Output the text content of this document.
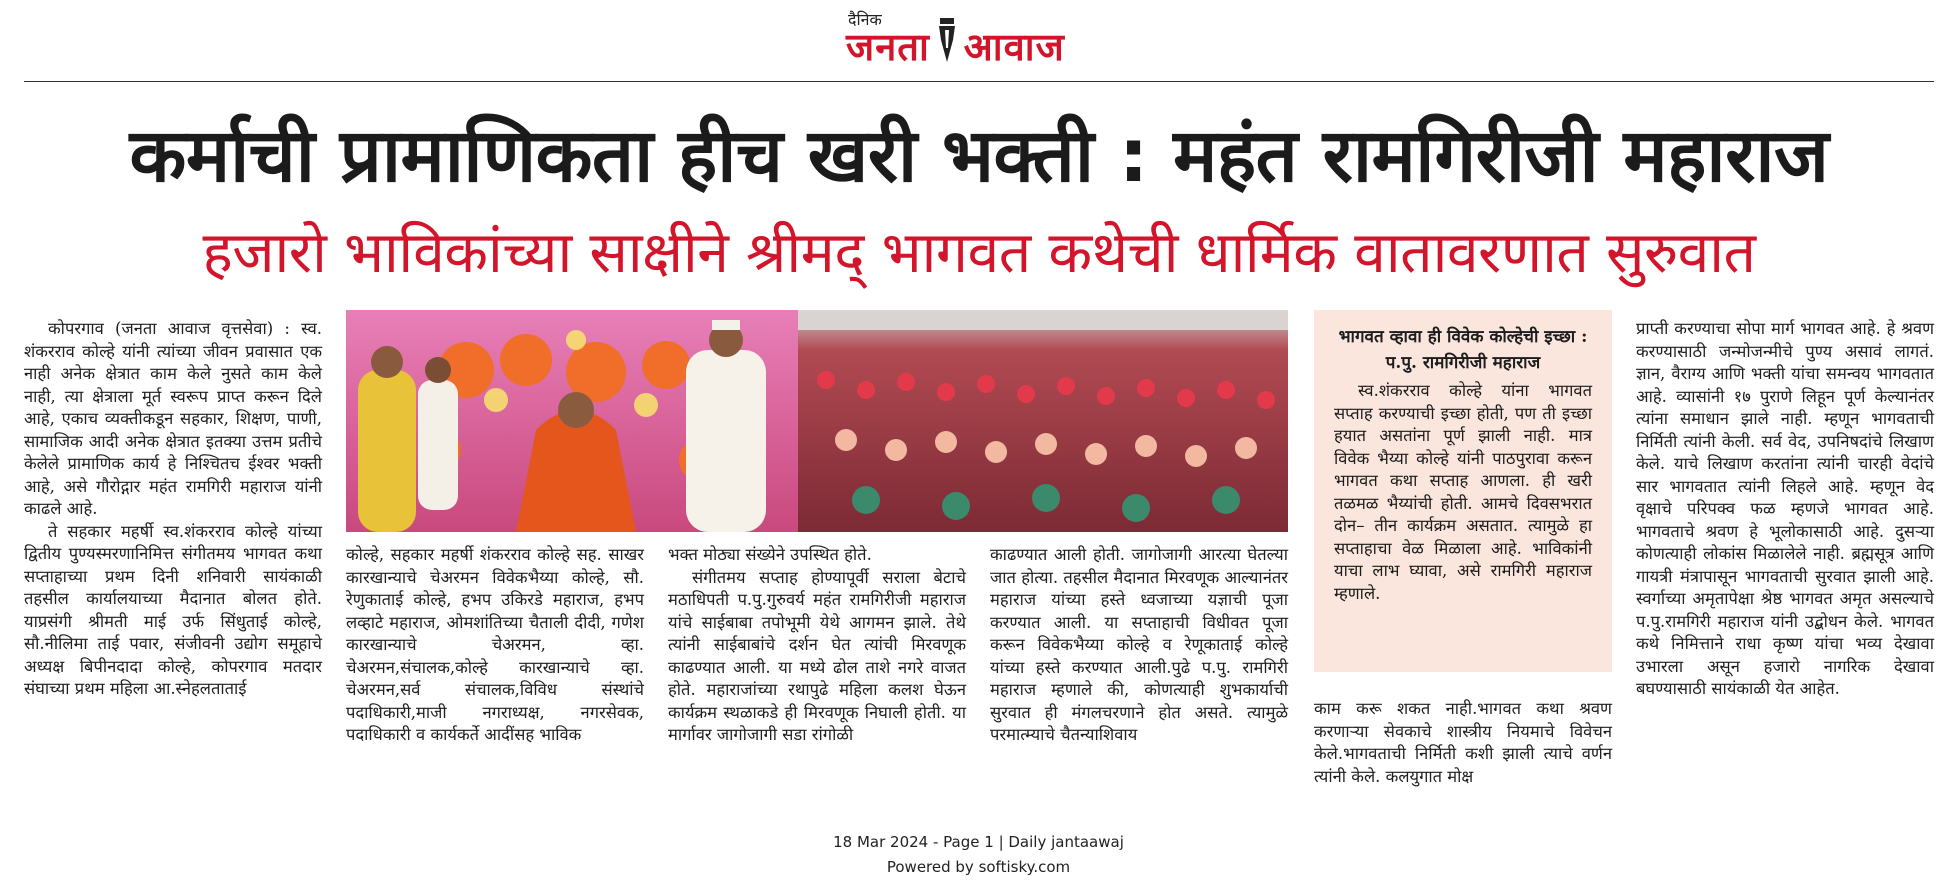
दैनिक
जनता आवाज
कर्माची प्रामाणिकता हीच खरी भक्ती : महंत रामगिरीजी महाराज
हजारो भाविकांच्या साक्षीने श्रीमद् भागवत कथेची धार्मिक वातावरणात सुरुवात

कोपरगाव (जनता आवाज वृत्तसेवा) : स्व. शंकरराव कोल्हे यांनी त्यांच्या जीवन प्रवासात एक नाही अनेक क्षेत्रात काम केले नुसते काम केले नाही, त्या क्षेत्राला मूर्त स्वरूप प्राप्त करून दिले आहे, एकाच व्यक्तीकडून सहकार, शिक्षण, पाणी, सामाजिक आदी अनेक क्षेत्रात इतक्या उत्तम प्रतीचे केलेले प्रामाणिक कार्य हे निश्चितच ईश्वर भक्ती आहे, असे गौरोद्गार महंत रामगिरी महाराज यांनी काढले आहे.

ते सहकार महर्षी स्व.शंकरराव कोल्हे यांच्या द्वितीय पुण्यस्मरणानिमित्त संगीतमय भागवत कथा सप्ताहाच्या प्रथम दिनी शनिवारी सायंकाळी तहसील कार्यालयाच्या मैदानात बोलत होते. याप्रसंगी श्रीमती माई उर्फ सिंधुताई कोल्हे, सौ.नीलिमा ताई पवार, संजीवनी उद्योग समूहाचे अध्यक्ष बिपीनदादा कोल्हे, कोपरगाव मतदार संघाच्या प्रथम महिला आ.स्नेहलताताई

कोल्हे, सहकार महर्षी शंकरराव कोल्हे सह. साखर कारखान्याचे चेअरमन विवेकभैय्या कोल्हे, सौ. रेणुकाताई कोल्हे, हभप उकिरडे महाराज, हभप लव्हाटे महाराज, ओमशांतिच्या चैताली दीदी, गणेश कारखान्याचे चेअरमन, व्हा. चेअरमन,संचालक,कोल्हे कारखान्याचे व्हा. चेअरमन,सर्व संचालक,विविध संस्थांचे पदाधिकारी,माजी नगराध्यक्ष, नगरसेवक, पदाधिकारी व कार्यकर्ते आदींसह भाविक

भक्त मोठ्या संख्येने उपस्थित होते.

संगीतमय सप्ताह होण्यापूर्वी सराला बेटाचे मठाधिपती प.पु.गुरुवर्य महंत रामगिरीजी महाराज यांचे साईबाबा तपोभूमी येथे आगमन झाले. तेथे त्यांनी साईबाबांचे दर्शन घेत त्यांची मिरवणूक काढण्यात आली. या मध्ये ढोल ताशे नगरे वाजत होते. महाराजांच्या रथापुढे महिला कलश घेऊन कार्यक्रम स्थळाकडे ही मिरवणूक निघाली होती. या मार्गावर जागोजागी सडा रांगोळी

काढण्यात आली होती. जागोजागी आरत्या घेतल्या जात होत्या. तहसील मैदानात मिरवणूक आल्यानंतर महाराज यांच्या हस्ते ध्वजाच्या यज्ञाची पूजा करण्यात आली. या सप्ताहाची विधीवत पूजा करून विवेकभैय्या कोल्हे व रेणूकाताई कोल्हे यांच्या हस्ते करण्यात आली.पुढे प.पु. रामगिरी महाराज म्हणाले की, कोणत्याही शुभकार्याची सुरवात ही मंगलचरणाने होत असते. त्यामुळे परमात्म्याचे चैतन्याशिवाय

भागवत व्हावा ही विवेक कोल्हेची इच्छा : प.पु. रामगिरीजी महाराज
स्व.शंकरराव कोल्हे यांना भागवत सप्ताह करण्याची इच्छा होती, पण ती इच्छा हयात असतांना पूर्ण झाली नाही. मात्र विवेक भैय्या कोल्हे यांनी पाठपुरावा करून भागवत कथा सप्ताह आणला. ही खरी तळमळ भैय्यांची होती. आमचे दिवसभरात दोन– तीन कार्यक्रम असतात. त्यामुळे हा सप्ताहाचा वेळ मिळाला आहे. भाविकांनी याचा लाभ घ्यावा, असे रामगिरी महाराज म्हणाले.

काम करू शकत नाही.भागवत कथा श्रवण करणाऱ्या सेवकाचे शास्त्रीय नियमाचे विवेचन केले.भागवताची निर्मिती कशी झाली त्याचे वर्णन त्यांनी केले. कलयुगात मोक्ष

प्राप्ती करण्याचा सोपा मार्ग भागवत आहे. हे श्रवण करण्यासाठी जन्मोजन्मीचे पुण्य असावं लागतं. ज्ञान, वैराग्य आणि भक्ती यांचा समन्वय भागवतात आहे. व्यासांनी १७ पुराणे लिहून पूर्ण केल्यानंतर त्यांना समाधान झाले नाही. म्हणून भागवताची निर्मिती त्यांनी केली. सर्व वेद, उपनिषदांचे लिखाण केले. याचे लिखाण करतांना त्यांनी चारही वेदांचे सार भागवतात त्यांनी लिहले आहे. म्हणून वेद वृक्षाचे परिपक्व फळ म्हणजे भागवत आहे. भागवताचे श्रवण हे भूलोकासाठी आहे. दुसऱ्या कोणत्याही लोकांस मिळालेले नाही. ब्रह्मसूत्र आणि गायत्री मंत्रापासून भागवताची सुरवात झाली आहे. स्वर्गाच्या अमृतापेक्षा श्रेष्ठ भागवत अमृत असल्याचे प.पु.रामगिरी महाराज यांनी उद्बोधन केले. भागवत कथे निमित्ताने राधा कृष्ण यांचा भव्य देखावा उभारला असून हजारो नागरिक देखावा बघण्यासाठी सायंकाळी येत आहेत.

18 Mar 2024 - Page 1 | Daily jantaawaj
Powered by softisky.com
